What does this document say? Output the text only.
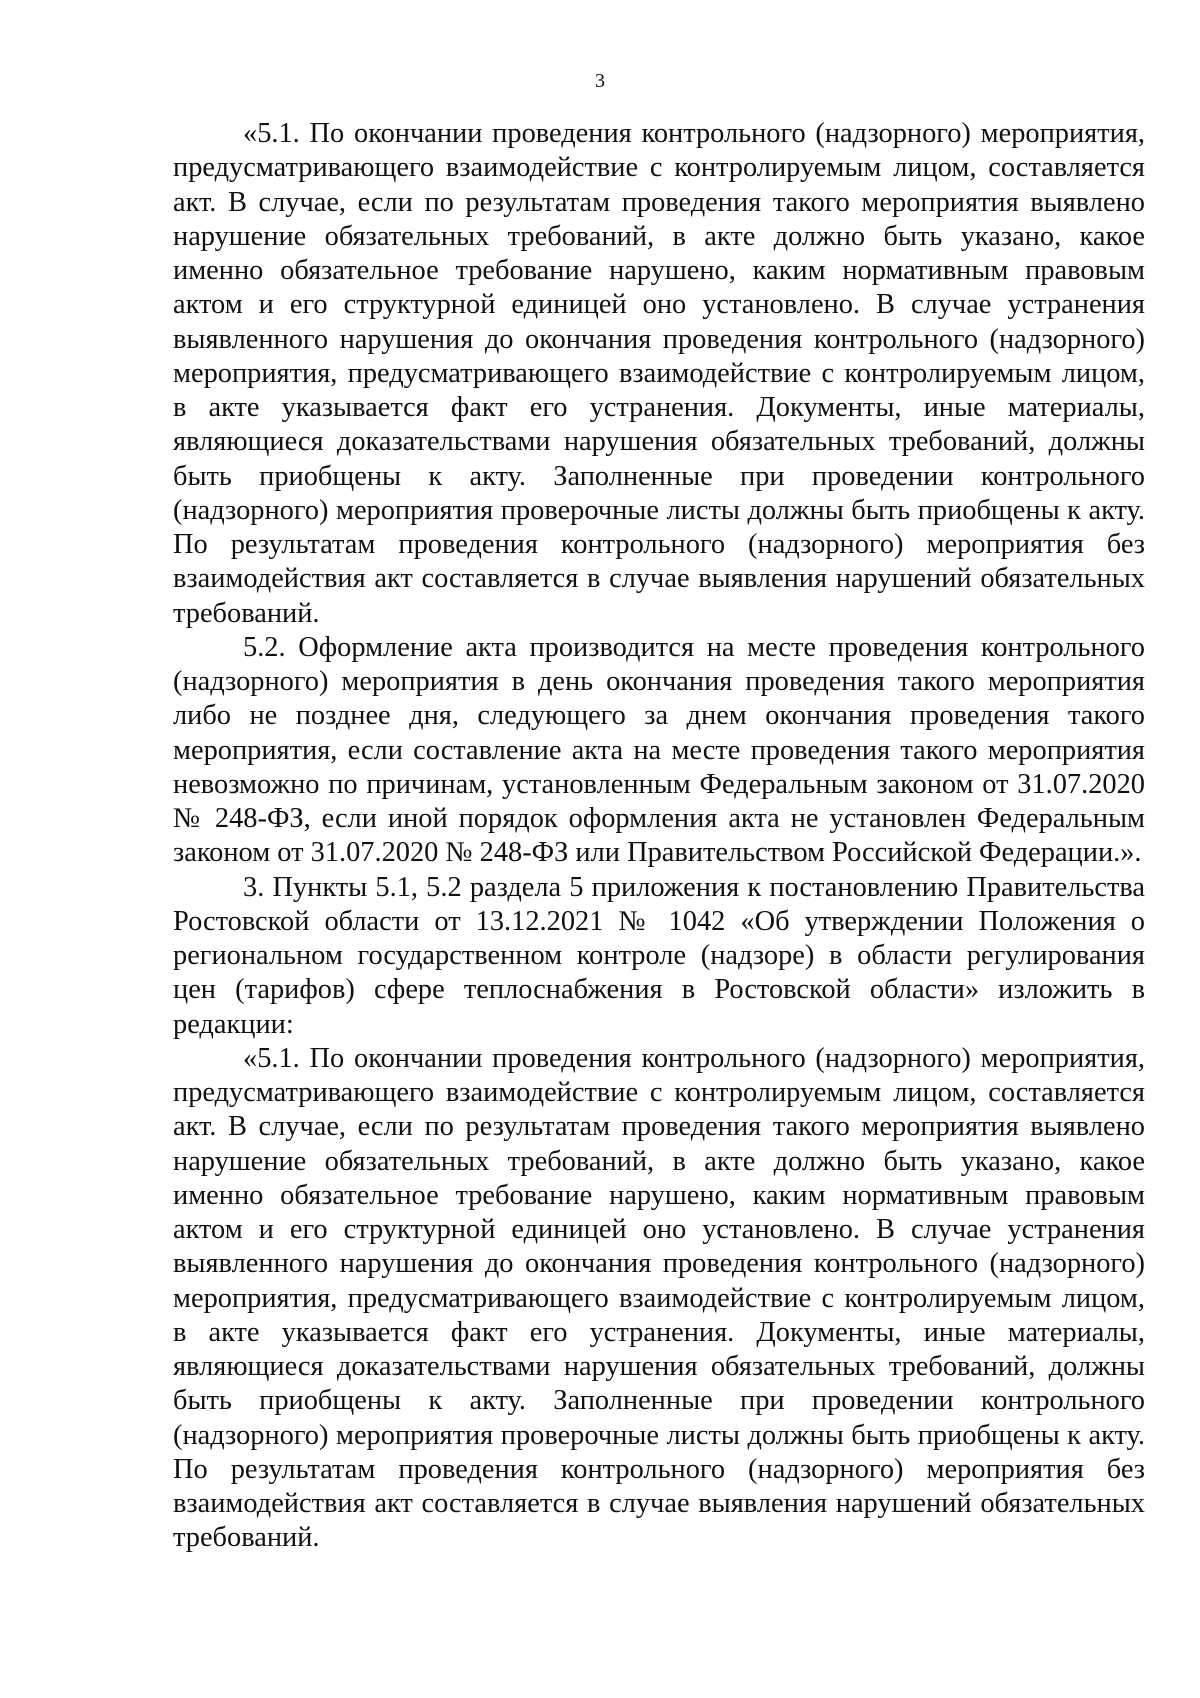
3

«5.1. По окончании проведения контрольного (надзорного) мероприятия, предусматривающего взаимодействие с контролируемым лицом, составляется акт. В случае, если по результатам проведения такого мероприятия выявлено нарушение обязательных требований, в акте должно быть указано, какое именно обязательное требование нарушено, каким нормативным правовым актом и его структурной единицей оно установлено. В случае устранения выявленного нарушения до окончания проведения контрольного (надзорного) мероприятия, предусматривающего взаимодействие с контролируемым лицом, в акте указывается факт его устранения. Документы, иные материалы, являющиеся доказательствами нарушения обязательных требований, должны быть приобщены к акту. Заполненные при проведении контрольного (надзорного) мероприятия проверочные листы должны быть приобщены к акту. По результатам проведения контрольного (надзорного) мероприятия без взаимодействия акт составляется в случае выявления нарушений обязательных требований.

5.2. Оформление акта производится на месте проведения контрольного (надзорного) мероприятия в день окончания проведения такого мероприятия либо не позднее дня, следующего за днем окончания проведения такого мероприятия, если составление акта на месте проведения такого мероприятия невозможно по причинам, установленным Федеральным законом от 31.07.2020 № 248-ФЗ, если иной порядок оформления акта не установлен Федеральным законом от 31.07.2020 № 248-ФЗ или Правительством Российской Федерации.».

3. Пункты 5.1, 5.2 раздела 5 приложения к постановлению Правительства Ростовской области от 13.12.2021 № 1042 «Об утверждении Положения о региональном государственном контроле (надзоре) в области регулирования цен (тарифов) сфере теплоснабжения в Ростовской области» изложить в редакции:

«5.1. По окончании проведения контрольного (надзорного) мероприятия, предусматривающего взаимодействие с контролируемым лицом, составляется акт. В случае, если по результатам проведения такого мероприятия выявлено нарушение обязательных требований, в акте должно быть указано, какое именно обязательное требование нарушено, каким нормативным правовым актом и его структурной единицей оно установлено. В случае устранения выявленного нарушения до окончания проведения контрольного (надзорного) мероприятия, предусматривающего взаимодействие с контролируемым лицом, в акте указывается факт его устранения. Документы, иные материалы, являющиеся доказательствами нарушения обязательных требований, должны быть приобщены к акту. Заполненные при проведении контрольного (надзорного) мероприятия проверочные листы должны быть приобщены к акту. По результатам проведения контрольного (надзорного) мероприятия без взаимодействия акт составляется в случае выявления нарушений обязательных требований.
